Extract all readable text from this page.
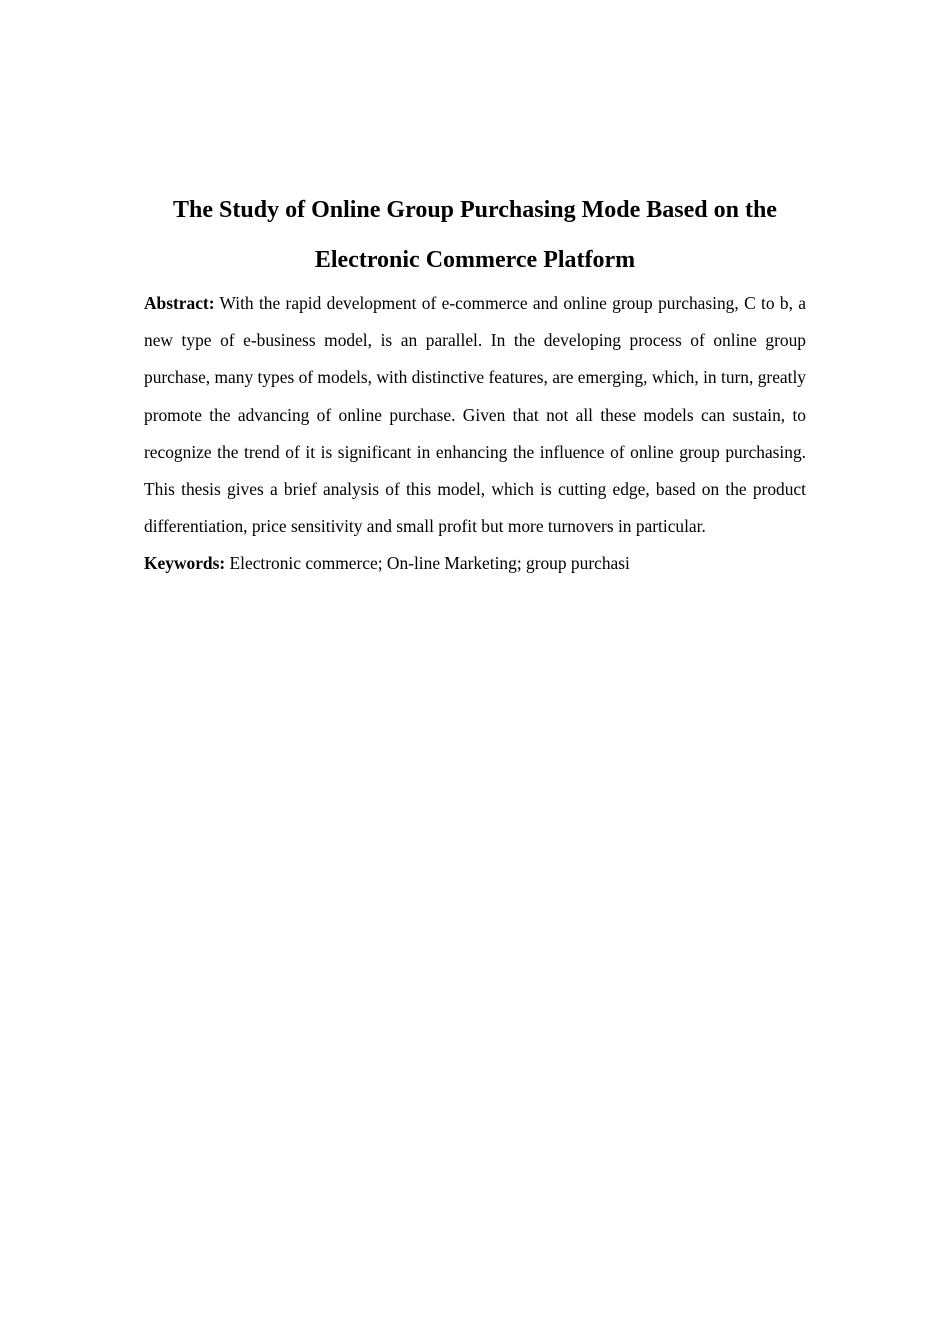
The Study of Online Group Purchasing Mode Based on the
Electronic Commerce Platform

Abstract: With the rapid development of e-commerce and online group purchasing, C to b, a new type of e-business model, is an parallel. In the developing process of online group purchase, many types of models, with distinctive features, are emerging, which, in turn, greatly promote the advancing of online purchase. Given that not all these models can sustain, to recognize the trend of it is significant in enhancing the influence of online group purchasing. This thesis gives a brief analysis of this model, which is cutting edge, based on the product differentiation, price sensitivity and small profit but more turnovers in particular.

Keywords: Electronic commerce; On-line Marketing; group purchasi
